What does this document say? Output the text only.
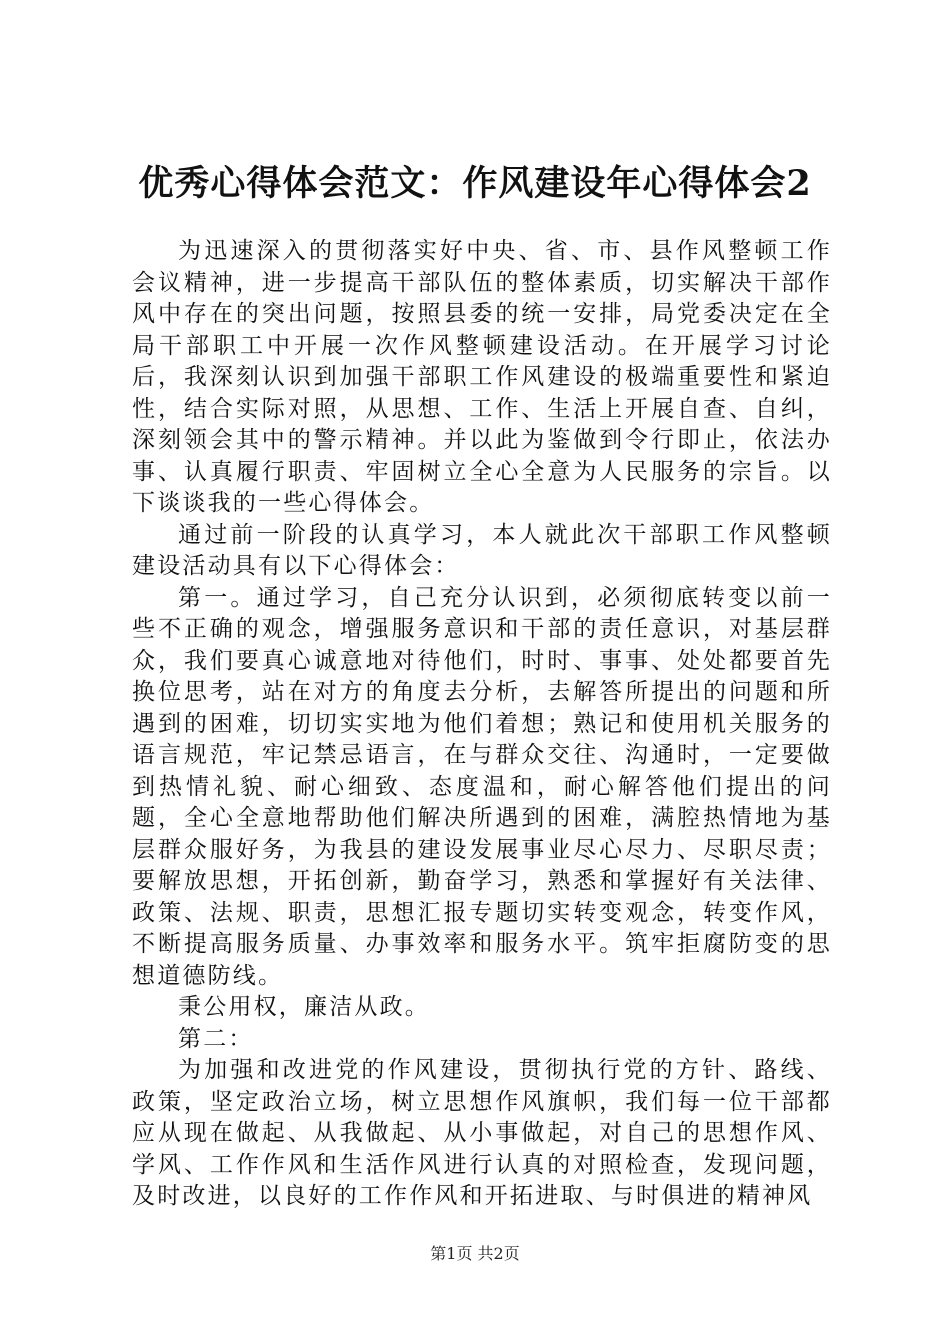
优秀心得体会范文：作风建设年心得体会2

为迅速深入的贯彻落实好中央、省、市、县作风整顿工作会议精神，进一步提高干部队伍的整体素质，切实解决干部作风中存在的突出问题，按照县委的统一安排，局党委决定在全局干部职工中开展一次作风整顿建设活动。在开展学习讨论后，我深刻认识到加强干部职工作风建设的极端重要性和紧迫性，结合实际对照，从思想、工作、生活上开展自查、自纠，深刻领会其中的警示精神。并以此为鉴做到令行即止，依法办事、认真履行职责、牢固树立全心全意为人民服务的宗旨。以下谈谈我的一些心得体会。

通过前一阶段的认真学习，本人就此次干部职工作风整顿建设活动具有以下心得体会：

第一。通过学习，自己充分认识到，必须彻底转变以前一些不正确的观念，增强服务意识和干部的责任意识，对基层群众，我们要真心诚意地对待他们，时时、事事、处处都要首先换位思考，站在对方的角度去分析，去解答所提出的问题和所遇到的困难，切切实实地为他们着想；熟记和使用机关服务的语言规范，牢记禁忌语言，在与群众交往、沟通时，一定要做到热情礼貌、耐心细致、态度温和，耐心解答他们提出的问题，全心全意地帮助他们解决所遇到的困难，满腔热情地为基层群众服好务，为我县的建设发展事业尽心尽力、尽职尽责；要解放思想，开拓创新，勤奋学习，熟悉和掌握好有关法律、政策、法规、职责，思想汇报专题切实转变观念，转变作风，不断提高服务质量、办事效率和服务水平。筑牢拒腐防变的思想道德防线。

秉公用权，廉洁从政。

第二：

为加强和改进党的作风建设，贯彻执行党的方针、路线、政策，坚定政治立场，树立思想作风旗帜，我们每一位干部都应从现在做起、从我做起、从小事做起，对自己的思想作风、学风、工作作风和生活作风进行认真的对照检查，发现问题，及时改进，以良好的工作作风和开拓进取、与时俱进的精神风

第1页 共2页
